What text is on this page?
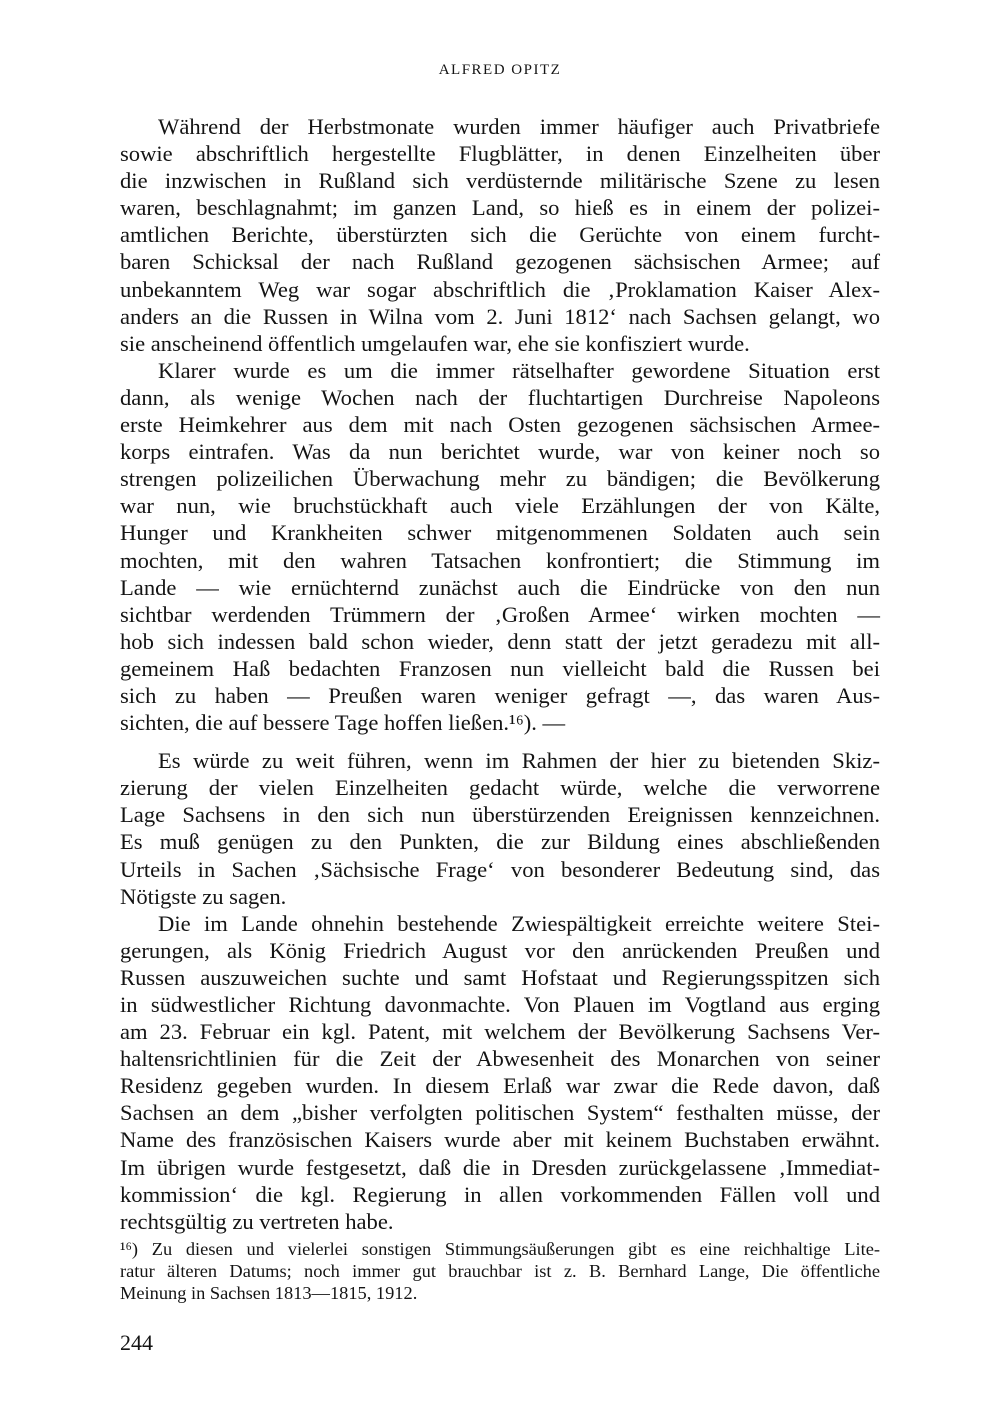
ALFRED OPITZ
Während der Herbstmonate wurden immer häufiger auch Privatbriefe
sowie abschriftlich hergestellte Flugblätter, in denen Einzelheiten über
die inzwischen in Rußland sich verdüsternde militärische Szene zu lesen
waren, beschlagnahmt; im ganzen Land, so hieß es in einem der polizei-
amtlichen Berichte, überstürzten sich die Gerüchte von einem furcht-
baren Schicksal der nach Rußland gezogenen sächsischen Armee; auf
unbekanntem Weg war sogar abschriftlich die ‚Proklamation Kaiser Alex-
anders an die Russen in Wilna vom 2. Juni 1812‘ nach Sachsen gelangt, wo
sie anscheinend öffentlich umgelaufen war, ehe sie konfisziert wurde.
Klarer wurde es um die immer rätselhafter gewordene Situation erst
dann, als wenige Wochen nach der fluchtartigen Durchreise Napoleons
erste Heimkehrer aus dem mit nach Osten gezogenen sächsischen Armee-
korps eintrafen. Was da nun berichtet wurde, war von keiner noch so
strengen polizeilichen Überwachung mehr zu bändigen; die Bevölkerung
war nun, wie bruchstückhaft auch viele Erzählungen der von Kälte,
Hunger und Krankheiten schwer mitgenommenen Soldaten auch sein
mochten, mit den wahren Tatsachen konfrontiert; die Stimmung im
Lande — wie ernüchternd zunächst auch die Eindrücke von den nun
sichtbar werdenden Trümmern der ‚Großen Armee‘ wirken mochten —
hob sich indessen bald schon wieder, denn statt der jetzt geradezu mit all-
gemeinem Haß bedachten Franzosen nun vielleicht bald die Russen bei
sich zu haben — Preußen waren weniger gefragt —, das waren Aus-
sichten, die auf bessere Tage hoffen ließen.¹⁶). —
Es würde zu weit führen, wenn im Rahmen der hier zu bietenden Skiz-
zierung der vielen Einzelheiten gedacht würde, welche die verworrene
Lage Sachsens in den sich nun überstürzenden Ereignissen kennzeichnen.
Es muß genügen zu den Punkten, die zur Bildung eines abschließenden
Urteils in Sachen ‚Sächsische Frage‘ von besonderer Bedeutung sind, das
Nötigste zu sagen.
Die im Lande ohnehin bestehende Zwiespältigkeit erreichte weitere Stei-
gerungen, als König Friedrich August vor den anrückenden Preußen und
Russen auszuweichen suchte und samt Hofstaat und Regierungsspitzen sich
in südwestlicher Richtung davonmachte. Von Plauen im Vogtland aus erging
am 23. Februar ein kgl. Patent, mit welchem der Bevölkerung Sachsens Ver-
haltensrichtlinien für die Zeit der Abwesenheit des Monarchen von seiner
Residenz gegeben wurden. In diesem Erlaß war zwar die Rede davon, daß
Sachsen an dem „bisher verfolgten politischen System“ festhalten müsse, der
Name des französischen Kaisers wurde aber mit keinem Buchstaben erwähnt.
Im übrigen wurde festgesetzt, daß die in Dresden zurückgelassene ‚Immediat-
kommission‘ die kgl. Regierung in allen vorkommenden Fällen voll und
rechtsgültig zu vertreten habe.
¹⁶) Zu diesen und vielerlei sonstigen Stimmungsäußerungen gibt es eine reichhaltige Lite-
ratur älteren Datums; noch immer gut brauchbar ist z. B. Bernhard Lange, Die öffentliche
Meinung in Sachsen 1813—1815, 1912.
244
